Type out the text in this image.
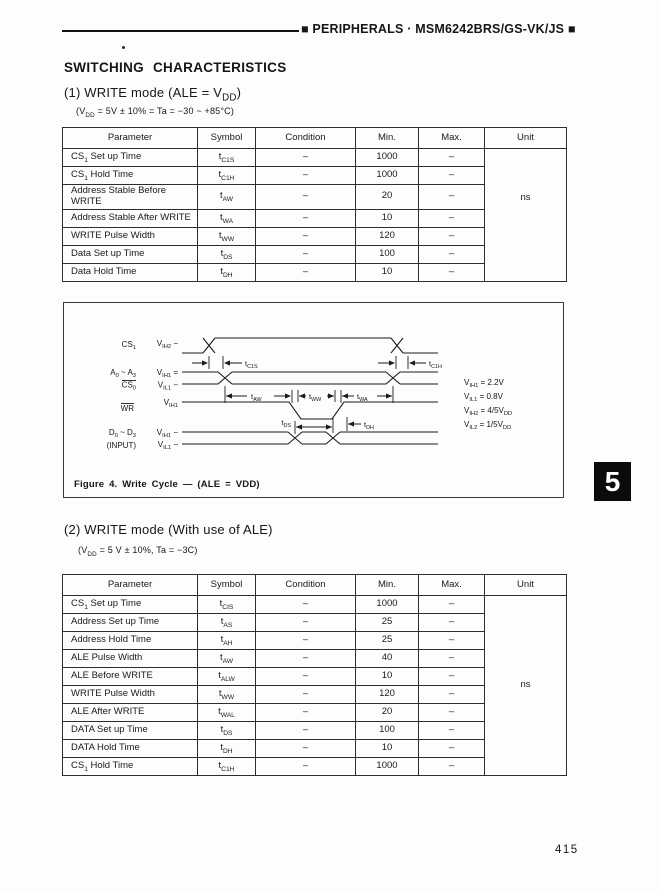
■ PERIPHERALS · MSM6242BRS/GS-VK/JS ■
SWITCHING CHARACTERISTICS
(1) WRITE mode $(ALE = V_{DD})$
($V_{DD} = 5V \pm 10\% = Ta = -30$ ~ +85°C)
Parameter	Symbol	Condition	Min.	Max.	Unit
$CS_1$ Set up Time	$t_{C1S}$	–	1000	–	ns
$CS_1$ Hold Time	$t_{C1H}$	–	1000	–	
Address Stable Before WRITE	$t_{AW}$	–	20	–	
Address Stable After WRITE	$t_{WA}$	–	10	–	
WRITE Pulse Width	$t_{WW}$	–	120	–	
Data Set up Time	$t_{DS}$	–	100	–	
Data Hold Time	$t_{DH}$	–	10	–	
$CS_1$
$V_{IH2}$ −
$A_0$ ~ $A_3$
$CS_0$
$V_{IH1}$ =
$V_{IL1}$ −
WR
$V_{IH1}$
$D_0$ ~ $D_3$
(INPUT)
$V_{IH1}$ −
$V_{IL1}$ −
$t_{C1S}$	$t_{C1H}$
$t_{AW}$	$t_{WW}$	$t_{WA}$
$t_{DS}$	$t_{DH}$
$V_{IH1} = 2.2V$
$V_{IL1} = 0.8V$
$V_{IH2} = 4/5V_{DD}$
$V_{IL2} = 1/5V_{DD}$
Figure 4. Write Cycle — (ALE = VDD)	5
(2) WRITE mode (With use of ALE)
($V_{DD} = 5$ V ± 10%, Ta = −3C)
Parameter	Symbol	Condition	Min.	Max.	Unit
$CS_1$ Set up Time	$t_{CIS}$	–	1000	–	ns
Address Set up Time	$t_{AS}$	–	25	–	
Address Hold Time	$t_{AH}$	–	25	–	
ALE Pulse Width	$t_{AW}$	–	40	–	
ALE Before WRITE	$t_{ALW}$	–	10	–	
WRITE Pulse Width	$t_{WW}$	–	120	–	
ALE After WRITE	$t_{WAL}$	–	20	–	
DATA Set up Time	$t_{DS}$	–	100	–	
DATA Hold Time	$t_{DH}$	–	10	–	
$CS_1$ Hold Time	$t_{C1H}$	–	1000	–	
415
